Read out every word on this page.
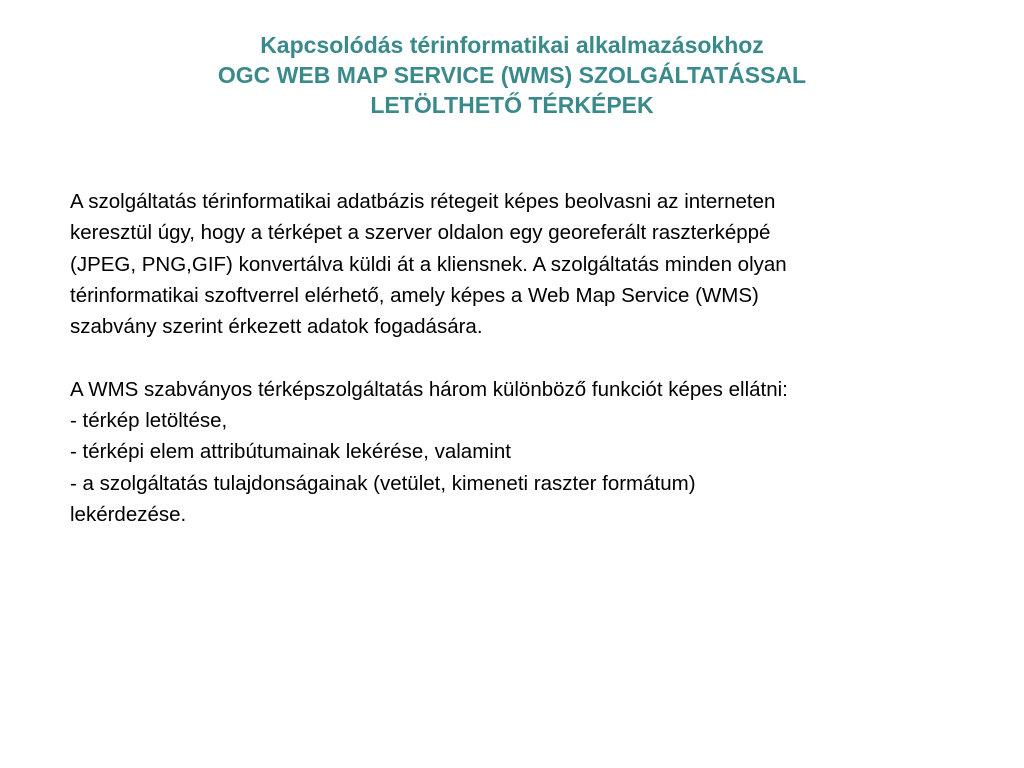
Kapcsolódás térinformatikai alkalmazásokhoz
OGC WEB MAP SERVICE (WMS) SZOLGÁLTATÁSSAL
LETÖLTHETŐ TÉRKÉPEK
A szolgáltatás térinformatikai adatbázis rétegeit képes beolvasni az interneten
keresztül úgy, hogy a térképet a szerver oldalon egy georeferált raszterképpé
(JPEG, PNG,GIF) konvertálva küldi át a kliensnek. A szolgáltatás minden olyan
térinformatikai szoftverrel elérhető, amely képes a Web Map Service (WMS)
szabvány szerint érkezett adatok fogadására.
A WMS szabványos térképszolgáltatás három különböző funkciót képes ellátni:
- térkép letöltése,
- térképi elem attribútumainak lekérése, valamint
- a szolgáltatás tulajdonságainak (vetület, kimeneti raszter formátum)
lekérdezése.
